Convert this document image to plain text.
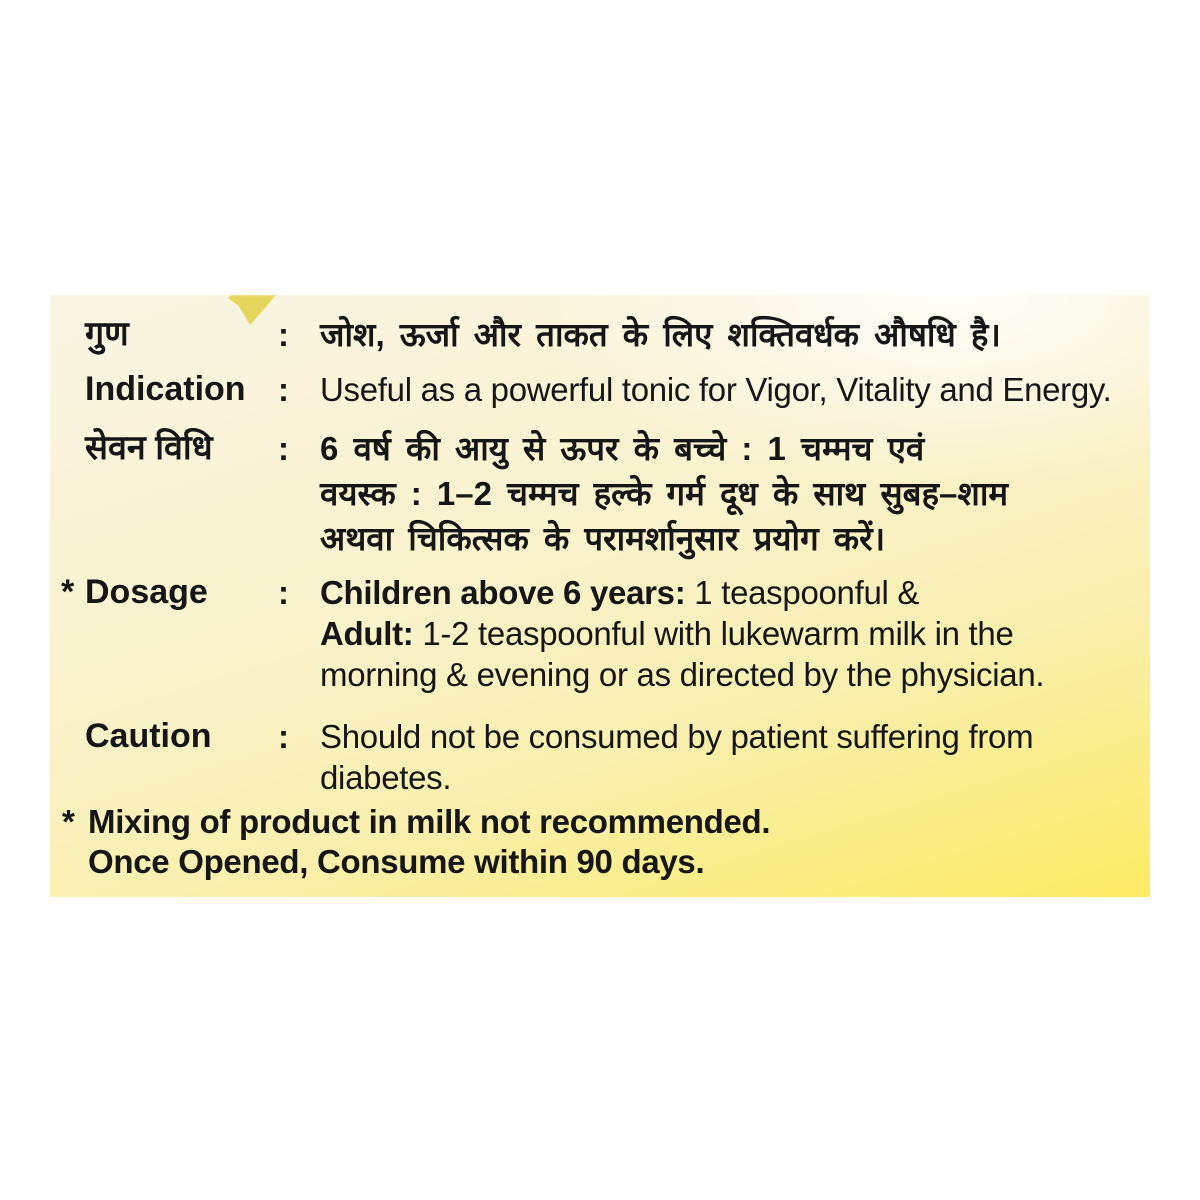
गुण	: जोश, ऊर्जा और ताकत के लिए शक्तिवर्धक औषधि है।
Indication : Useful as a powerful tonic for Vigor, Vitality and Energy.
सेवन विधि	: 6 वर्ष की आयु से ऊपर के बच्चे : 1 चम्मच एवं
वयस्क : 1–2 चम्मच हल्के गर्म दूध के साथ सुबह–शाम
अथवा चिकित्सक के परामर्शानुसार प्रयोग करें।
* Dosage	: Children above 6 years: 1 teaspoonful &
Adult: 1-2 teaspoonful with lukewarm milk in the
morning & evening or as directed by the physician.
Caution	: Should not be consumed by patient suffering from
diabetes.
* Mixing of product in milk not recommended.
Once Opened, Consume within 90 days.
